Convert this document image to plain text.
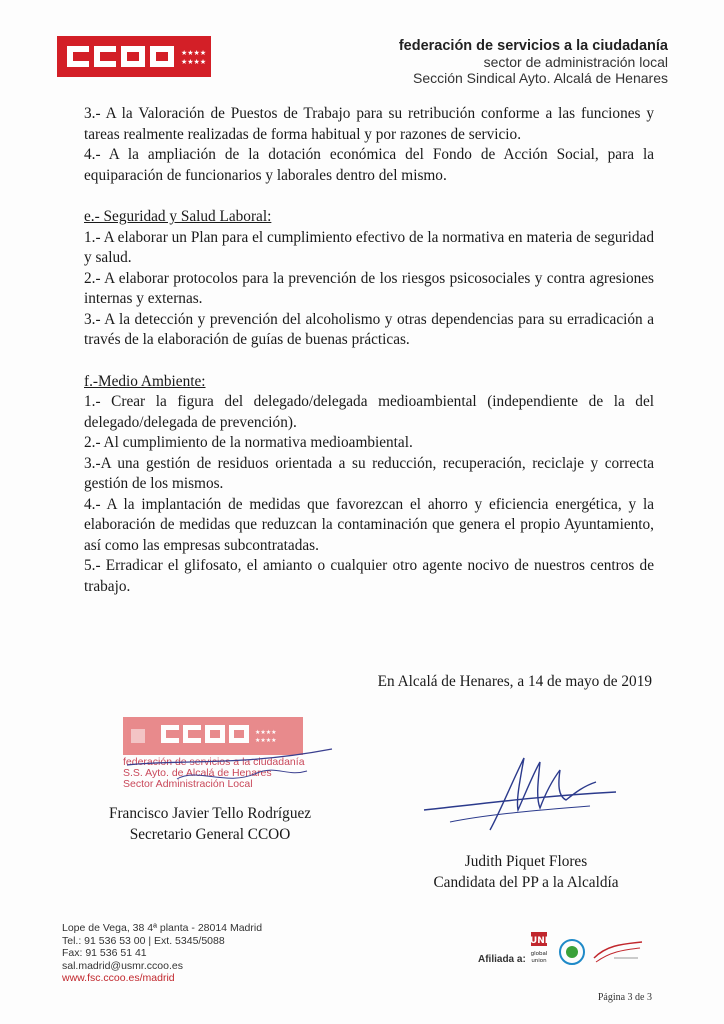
★★★★
★★★★
federación de servicios a la ciudadanía
sector de administración local
Sección Sindical Ayto. Alcalá de Henares

3.- A la Valoración de Puestos de Trabajo para su retribución conforme a las funciones y tareas realmente realizadas de forma habitual y por razones de servicio.

4.- A la ampliación de la dotación económica del Fondo de Acción Social, para la equiparación de funcionarios y laborales dentro del mismo.

e.- Seguridad y Salud Laboral:

1.- A elaborar un Plan para el cumplimiento efectivo de la normativa en materia de seguridad y salud.

2.- A elaborar protocolos para la prevención de los riesgos psicosociales y contra agresiones internas y externas.

3.- A la detección y prevención del alcoholismo y otras dependencias para su erradicación a través de la elaboración de guías de buenas prácticas.

f.-Medio Ambiente:

1.- Crear la figura del delegado/delegada medioambiental (independiente de la del delegado/delegada de prevención).

2.- Al cumplimiento de la normativa medioambiental.

3.-A una gestión de residuos orientada a su reducción, recuperación, reciclaje y correcta gestión de los mismos.

4.- A la implantación de medidas que favorezcan el ahorro y eficiencia energética, y la elaboración de medidas que reduzcan la contaminación que genera el propio Ayuntamiento, así como las empresas subcontratadas.

5.- Erradicar el glifosato, el amianto o cualquier otro agente nocivo de nuestros centros de trabajo.

En Alcalá de Henares, a 14 de mayo de 2019
★★★★
★★★★
federación de servicios a la ciudadanía
S.S. Ayto. de Alcalá de Henares
Sector Administración Local
Francisco Javier Tello Rodríguez
Secretario General CCOO
Judith Piquet Flores
Candidata del PP a la Alcaldía
Lope de Vega, 38 4ª planta - 28014 Madrid
Tel.: 91 536 53 00 | Ext. 5345/5088
Fax: 91 536 51 41
sal.madrid@usmr.ccoo.es
www.fsc.ccoo.es/madrid
Afiliada a:
UNI
global
union
Página 3 de 3
